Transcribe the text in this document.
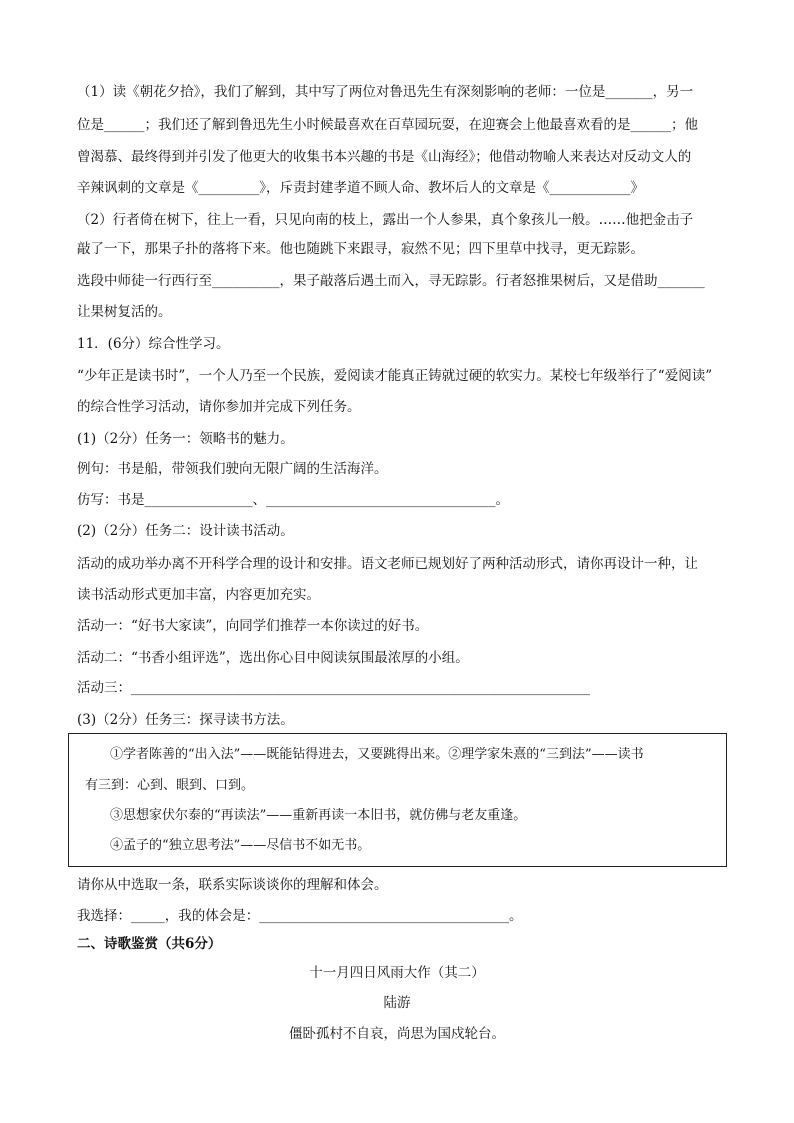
（1）读《朝花夕拾》，我们了解到，其中写了两位对鲁迅先生有深刻影响的老师：一位是_______，另一
位是______；我们还了解到鲁迅先生小时候最喜欢在百草园玩耍，在迎赛会上他最喜欢看的是______；他
曾渴慕、最终得到并引发了他更大的收集书本兴趣的书是《山海经》；他借动物喻人来表达对反动文人的
辛辣讽刺的文章是《_________》，斥责封建孝道不顾人命、教坏后人的文章是《____________》
（2）行者倚在树下，往上一看，只见向南的枝上，露出一个人参果，真个象孩儿一般。……他把金击子
敲了一下，那果子扑的落将下来。他也随跳下来跟寻，寂然不见；四下里草中找寻，更无踪影。
选段中师徒一行西行至__________，果子敲落后遇土而入，寻无踪影。行者怒推果树后，又是借助_______
让果树复活的。
11．(6分）综合性学习。
“少年正是读书时”，一个人乃至一个民族，爱阅读才能真正铸就过硬的软实力。某校七年级举行了“爱阅读”
的综合性学习活动，请你参加并完成下列任务。
(1)（2分）任务一：领略书的魅力。
例句：书是船，带领我们驶向无限广阔的生活海洋。
仿写：书是________________、__________________________________。
(2)（2分）任务二：设计读书活动。
活动的成功举办离不开科学合理的设计和安排。语文老师已规划好了两种活动形式，请你再设计一种，让
读书活动形式更加丰富，内容更加充实。
活动一：“好书大家读”，向同学们推荐一本你读过的好书。
活动二：“书香小组评选”，选出你心目中阅读氛围最浓厚的小组。
活动三：____________________________________________________________________
(3)（2分）任务三：探寻读书方法。
①学者陈善的“出入法”——既能钻得进去，又要跳得出来。②理学家朱熹的“三到法”——读书
有三到：心到、眼到、口到。
③思想家伏尔泰的“再读法”——重新再读一本旧书，就仿佛与老友重逢。
④孟子的“独立思考法”——尽信书不如无书。
请你从中选取一条，联系实际谈谈你的理解和体会。
我选择：_____，我的体会是：_____________________________________。
二、诗歌鉴赏（共6分）
十一月四日风雨大作（其二）
陆游
僵卧孤村不自哀，尚思为国戍轮台。
